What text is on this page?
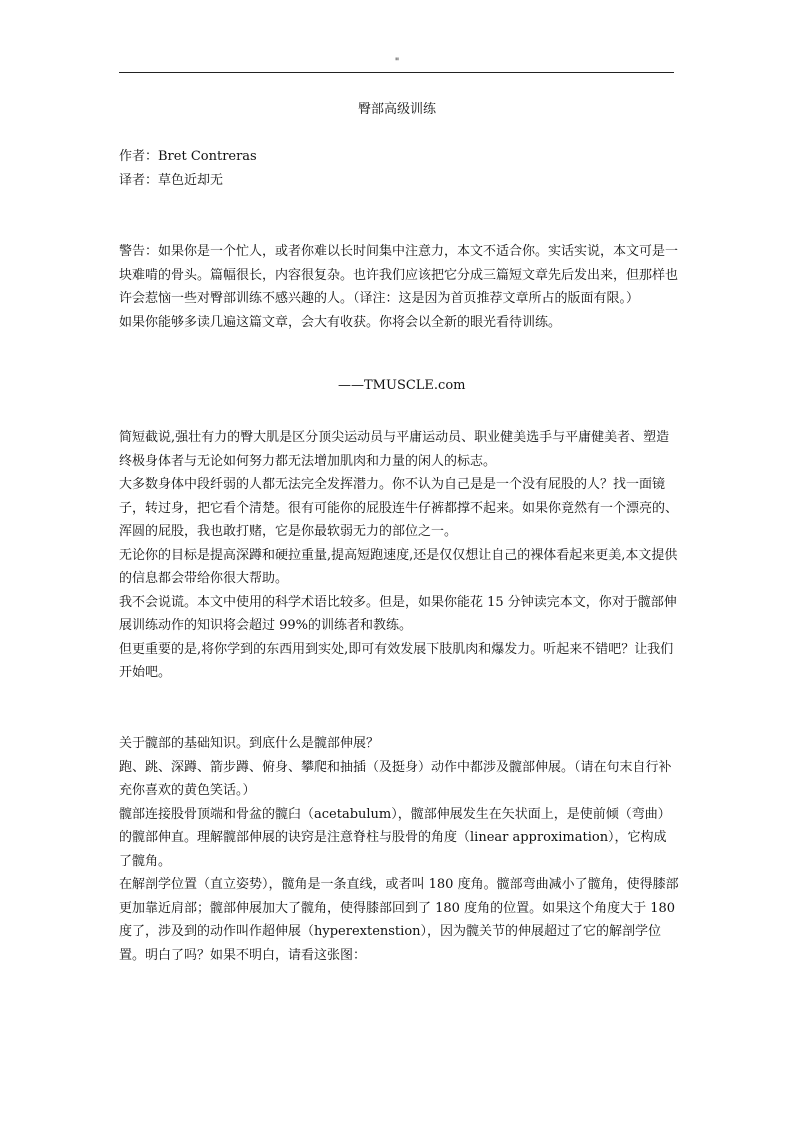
"
臀部高级训练

作者：Bret Contreras

译者：草色近却无

警告：如果你是一个忙人，或者你难以长时间集中注意力，本文不适合你。实话实说，本文可是一块难啃的骨头。篇幅很长，内容很复杂。也许我们应该把它分成三篇短文章先后发出来，但那样也许会惹恼一些对臀部训练不感兴趣的人。（译注：这是因为首页推荐文章所占的版面有限。）

如果你能够多读几遍这篇文章，会大有收获。你将会以全新的眼光看待训练。

——TMUSCLE.com

简短截说,强壮有力的臀大肌是区分顶尖运动员与平庸运动员、职业健美选手与平庸健美者、塑造终极身体者与无论如何努力都无法增加肌肉和力量的闲人的标志。

大多数身体中段纤弱的人都无法完全发挥潜力。你不认为自己是是一个没有屁股的人？找一面镜子，转过身，把它看个清楚。很有可能你的屁股连牛仔裤都撑不起来。如果你竟然有一个漂亮的、浑圆的屁股，我也敢打赌，它是你最软弱无力的部位之一。

无论你的目标是提高深蹲和硬拉重量,提高短跑速度,还是仅仅想让自己的裸体看起来更美,本文提供的信息都会带给你很大帮助。

我不会说谎。本文中使用的科学术语比较多。但是，如果你能花 15 分钟读完本文，你对于髋部伸展训练动作的知识将会超过 99%的训练者和教练。

但更重要的是,将你学到的东西用到实处,即可有效发展下肢肌肉和爆发力。听起来不错吧？让我们开始吧。

关于髋部的基础知识。到底什么是髋部伸展？

跑、跳、深蹲、箭步蹲、俯身、攀爬和抽插（及挺身）动作中都涉及髋部伸展。（请在句末自行补充你喜欢的黄色笑话。）

髋部连接股骨顶端和骨盆的髋臼（acetabulum），髋部伸展发生在矢状面上，是使前倾（弯曲）的髋部伸直。理解髋部伸展的诀窍是注意脊柱与股骨的角度（linear approximation），它构成了髋角。

在解剖学位置（直立姿势），髋角是一条直线，或者叫 180 度角。髋部弯曲减小了髋角，使得膝部更加靠近肩部；髋部伸展加大了髋角，使得膝部回到了 180 度角的位置。如果这个角度大于 180 度了，涉及到的动作叫作超伸展（hyperextenstion），因为髋关节的伸展超过了它的解剖学位置。明白了吗？如果不明白，请看这张图：
